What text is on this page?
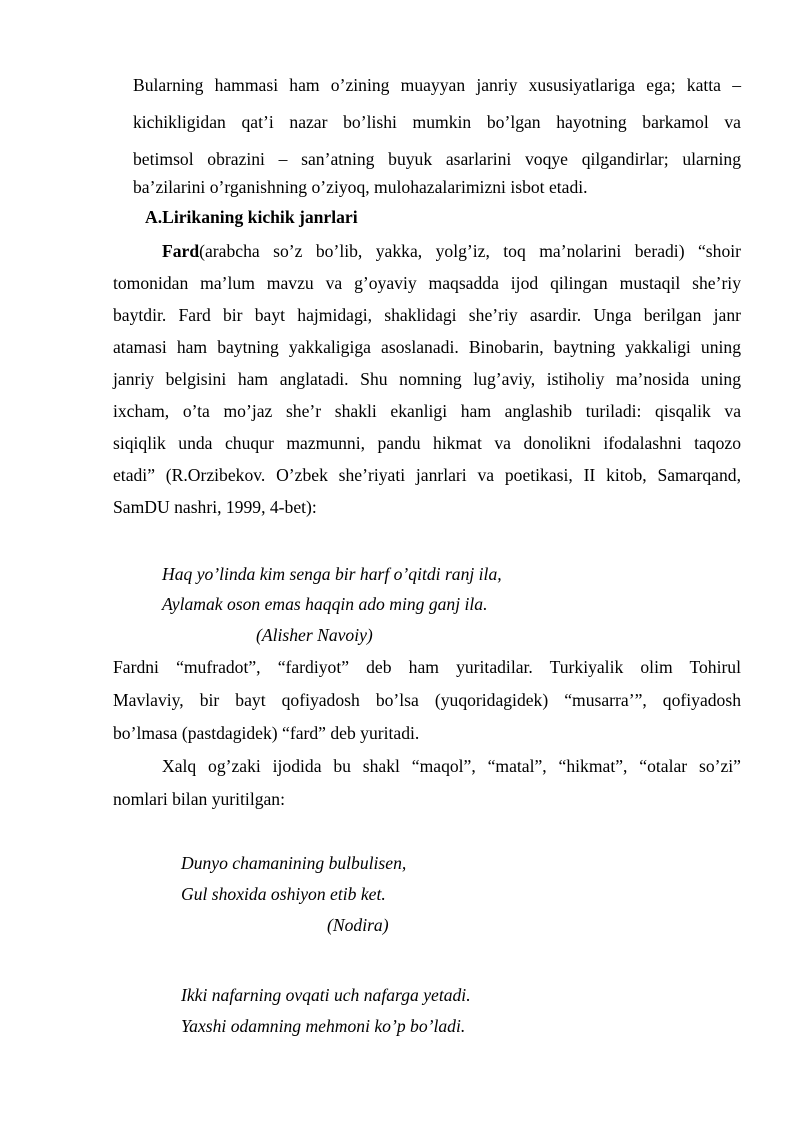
Bularning hammasi ham o’zining muayyan janriy xususiyatlariga ega; katta –
kichikligidan qat’i nazar bo’lishi mumkin bo’lgan hayotning barkamol va
betimsol obrazini – san’atning buyuk asarlarini voqye qilgandirlar; ularning
ba’zilarini o’rganishning o’ziyoq, mulohazalarimizni isbot etadi.
A.Lirikaning kichik janrlari
Fard(arabcha so’z bo’lib, yakka, yolg’iz, toq ma’nolarini beradi) “shoir
tomonidan ma’lum mavzu va g’oyaviy maqsadda ijod qilingan mustaqil she’riy
baytdir. Fard bir bayt hajmidagi, shaklidagi she’riy asardir. Unga berilgan janr
atamasi ham baytning yakkaligiga asoslanadi. Binobarin, baytning yakkaligi uning
janriy belgisini ham anglatadi. Shu nomning lug’aviy, istiholiy ma’nosida uning
ixcham, o’ta mo’jaz she’r shakli ekanligi ham anglashib turiladi: qisqalik va
siqiqlik unda chuqur mazmunni, pandu hikmat va donolikni ifodalashni taqozo
etadi” (R.Orzibekov. O’zbek she’riyati janrlari va poetikasi, II kitob, Samarqand,
SamDU nashri, 1999, 4-bet):
Haq yo’linda kim senga bir harf o’qitdi ranj ila,
Aylamak oson emas haqqin ado ming ganj ila.
(Alisher Navoiy)
Fardni “mufradot”, “fardiyot” deb ham yuritadilar. Turkiyalik olim Tohirul
Mavlaviy, bir bayt qofiyadosh bo’lsa (yuqoridagidek) “musarra’”, qofiyadosh
bo’lmasa (pastdagidek) “fard” deb yuritadi.
Xalq og’zaki ijodida bu shakl “maqol”, “matal”, “hikmat”, “otalar so’zi”
nomlari bilan yuritilgan:
Dunyo chamanining bulbulisen,
Gul shoxida oshiyon etib ket.
(Nodira)
Ikki nafarning ovqati uch nafarga yetadi.
Yaxshi odamning mehmoni ko’p bo’ladi.
